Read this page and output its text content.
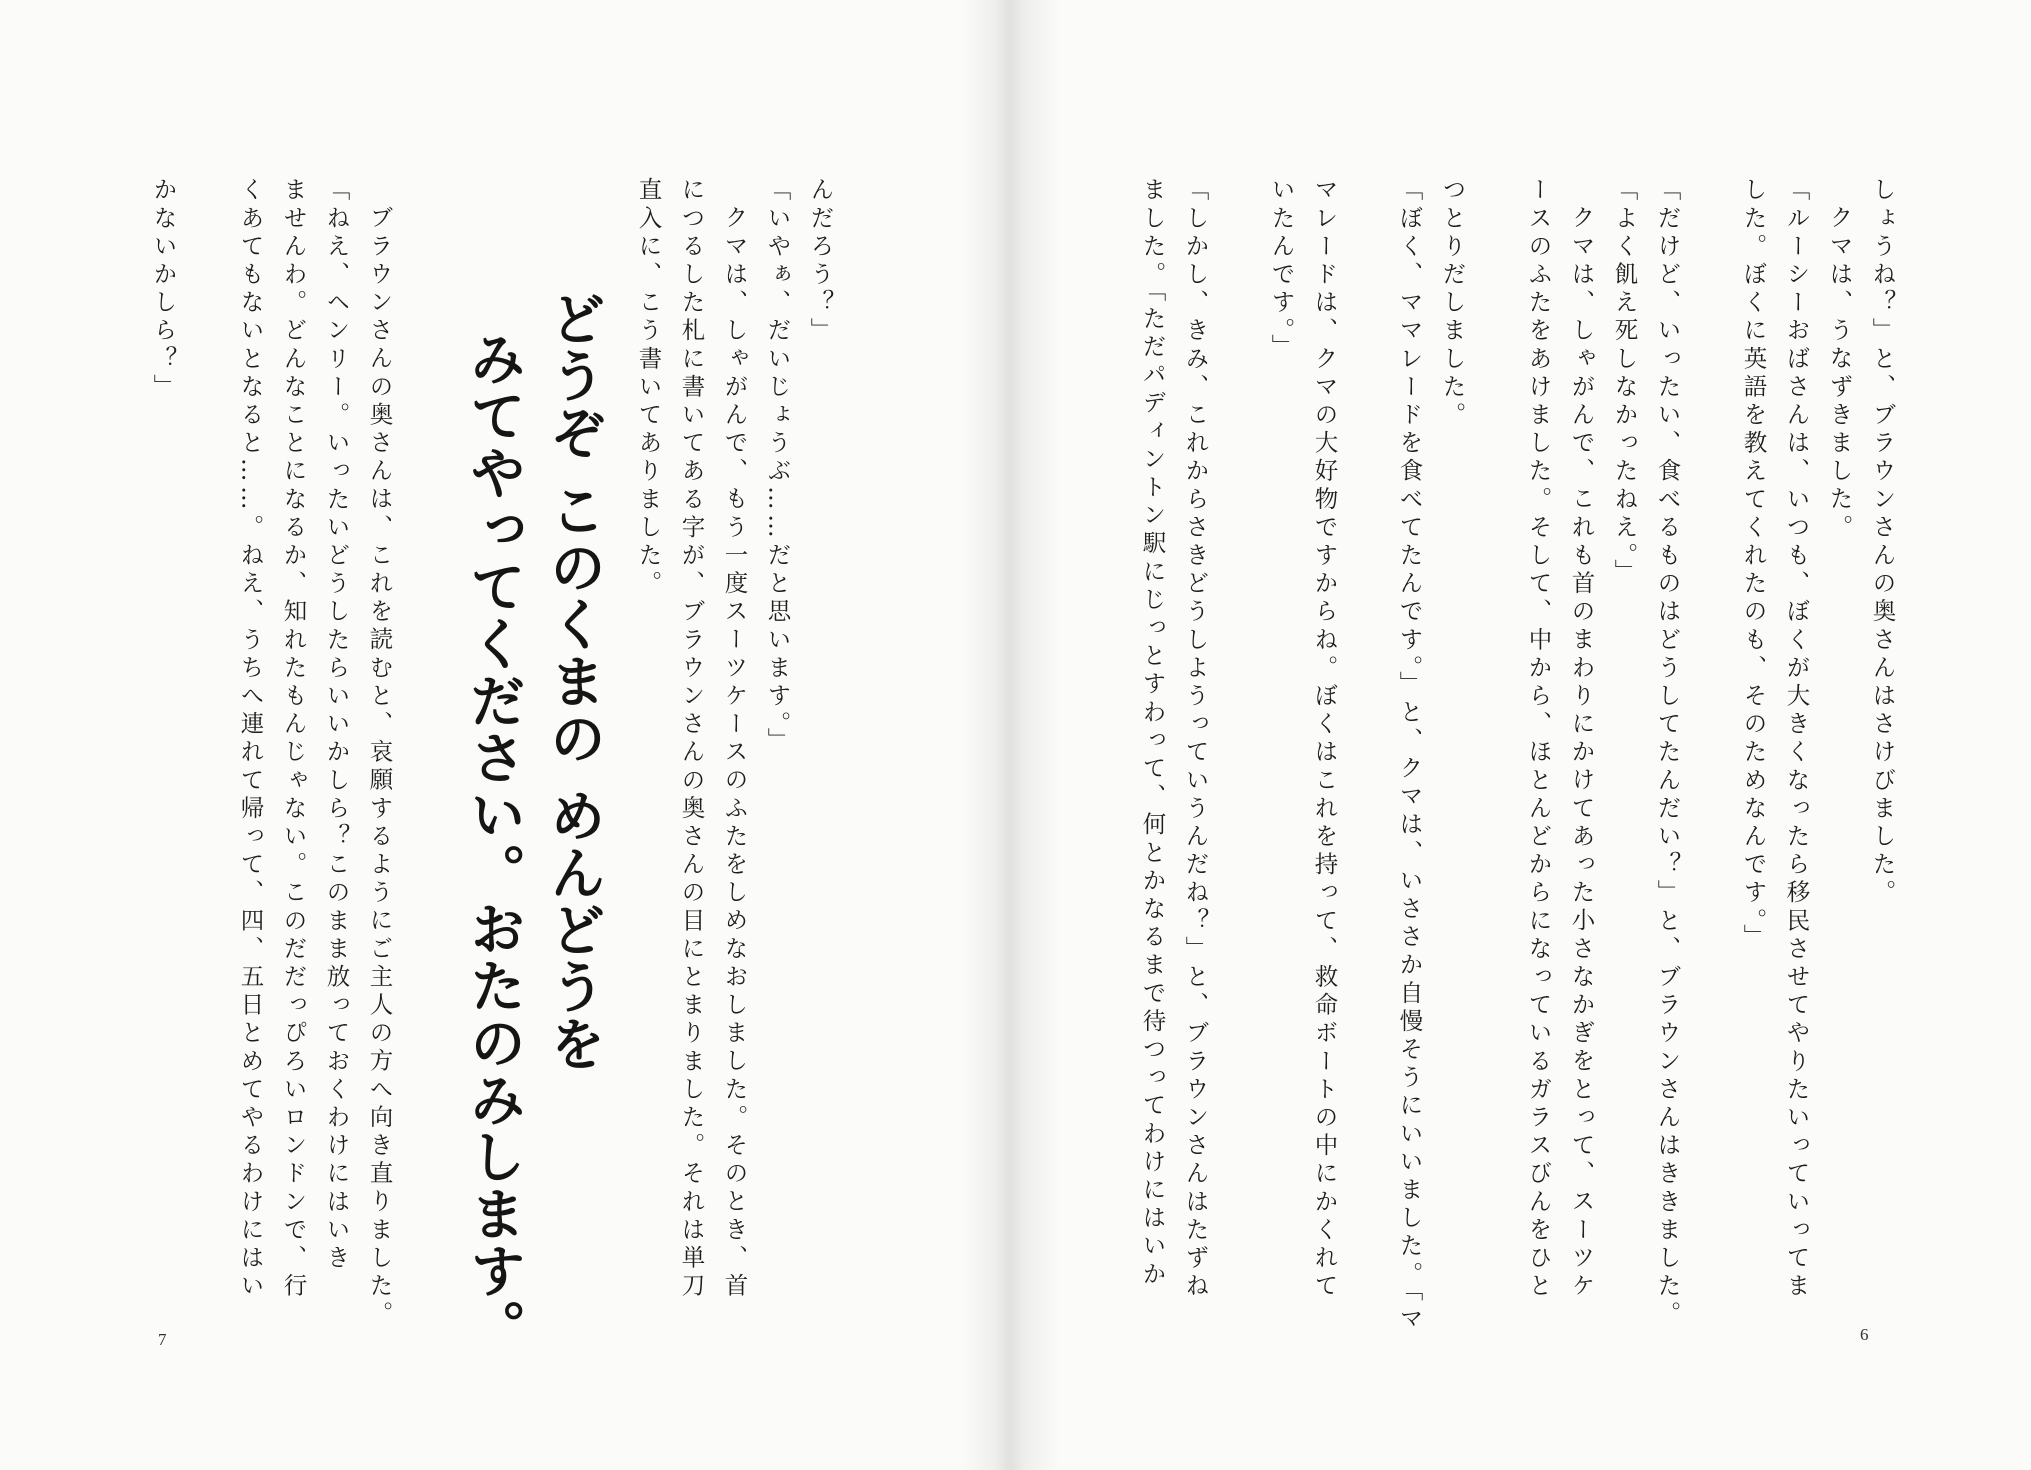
しょうね？」と、ブラウンさんの奥さんはさけびました。
クマは、うなずきました。
「ルーシーおばさんは、いつも、ぼくが大きくなったら移民させてやりたいっていってま
した。ぼくに英語を教えてくれたのも、そのためなんです。」
「だけど、いったい、食べるものはどうしてたんだい？」と、ブラウンさんはききました。
「よく飢え死しなかったねえ。」
クマは、しゃがんで、これも首のまわりにかけてあった小さなかぎをとって、スーツケ
ースのふたをあけました。そして、中から、ほとんどからになっているガラスびんをひと
つとりだしました。
「ぼく、ママレードを食べてたんです。」と、クマは、いささか自慢そうにいいました。「マ
マレードは、クマの大好物ですからね。ぼくはこれを持って、救命ボートの中にかくれて
いたんです。」
「しかし、きみ、これからさきどうしようっていうんだね？」と、ブラウンさんはたずね
ました。「ただパディントン駅にじっとすわって、何とかなるまで待つってわけにはいか
6
んだろう？」
「いやぁ、だいじょうぶ……だと思います。」
クマは、しゃがんで、もう一度スーツケースのふたをしめなおしました。そのとき、首
につるした札に書いてある字が、ブラウンさんの奥さんの目にとまりました。それは単刀
直入に、こう書いてありました。
どうぞ このくまの めんどうを
みてやってください。おたのみします。
ブラウンさんの奥さんは、これを読むと、哀願するようにご主人の方へ向き直りました。
「ねえ、ヘンリー。いったいどうしたらいいかしら？このまま放っておくわけにはいき
ませんわ。どんなことになるか、知れたもんじゃない。このだだっぴろいロンドンで、行
くあてもないとなると……。ねえ、うちへ連れて帰って、四、五日とめてやるわけにはい
かないかしら？」
7
